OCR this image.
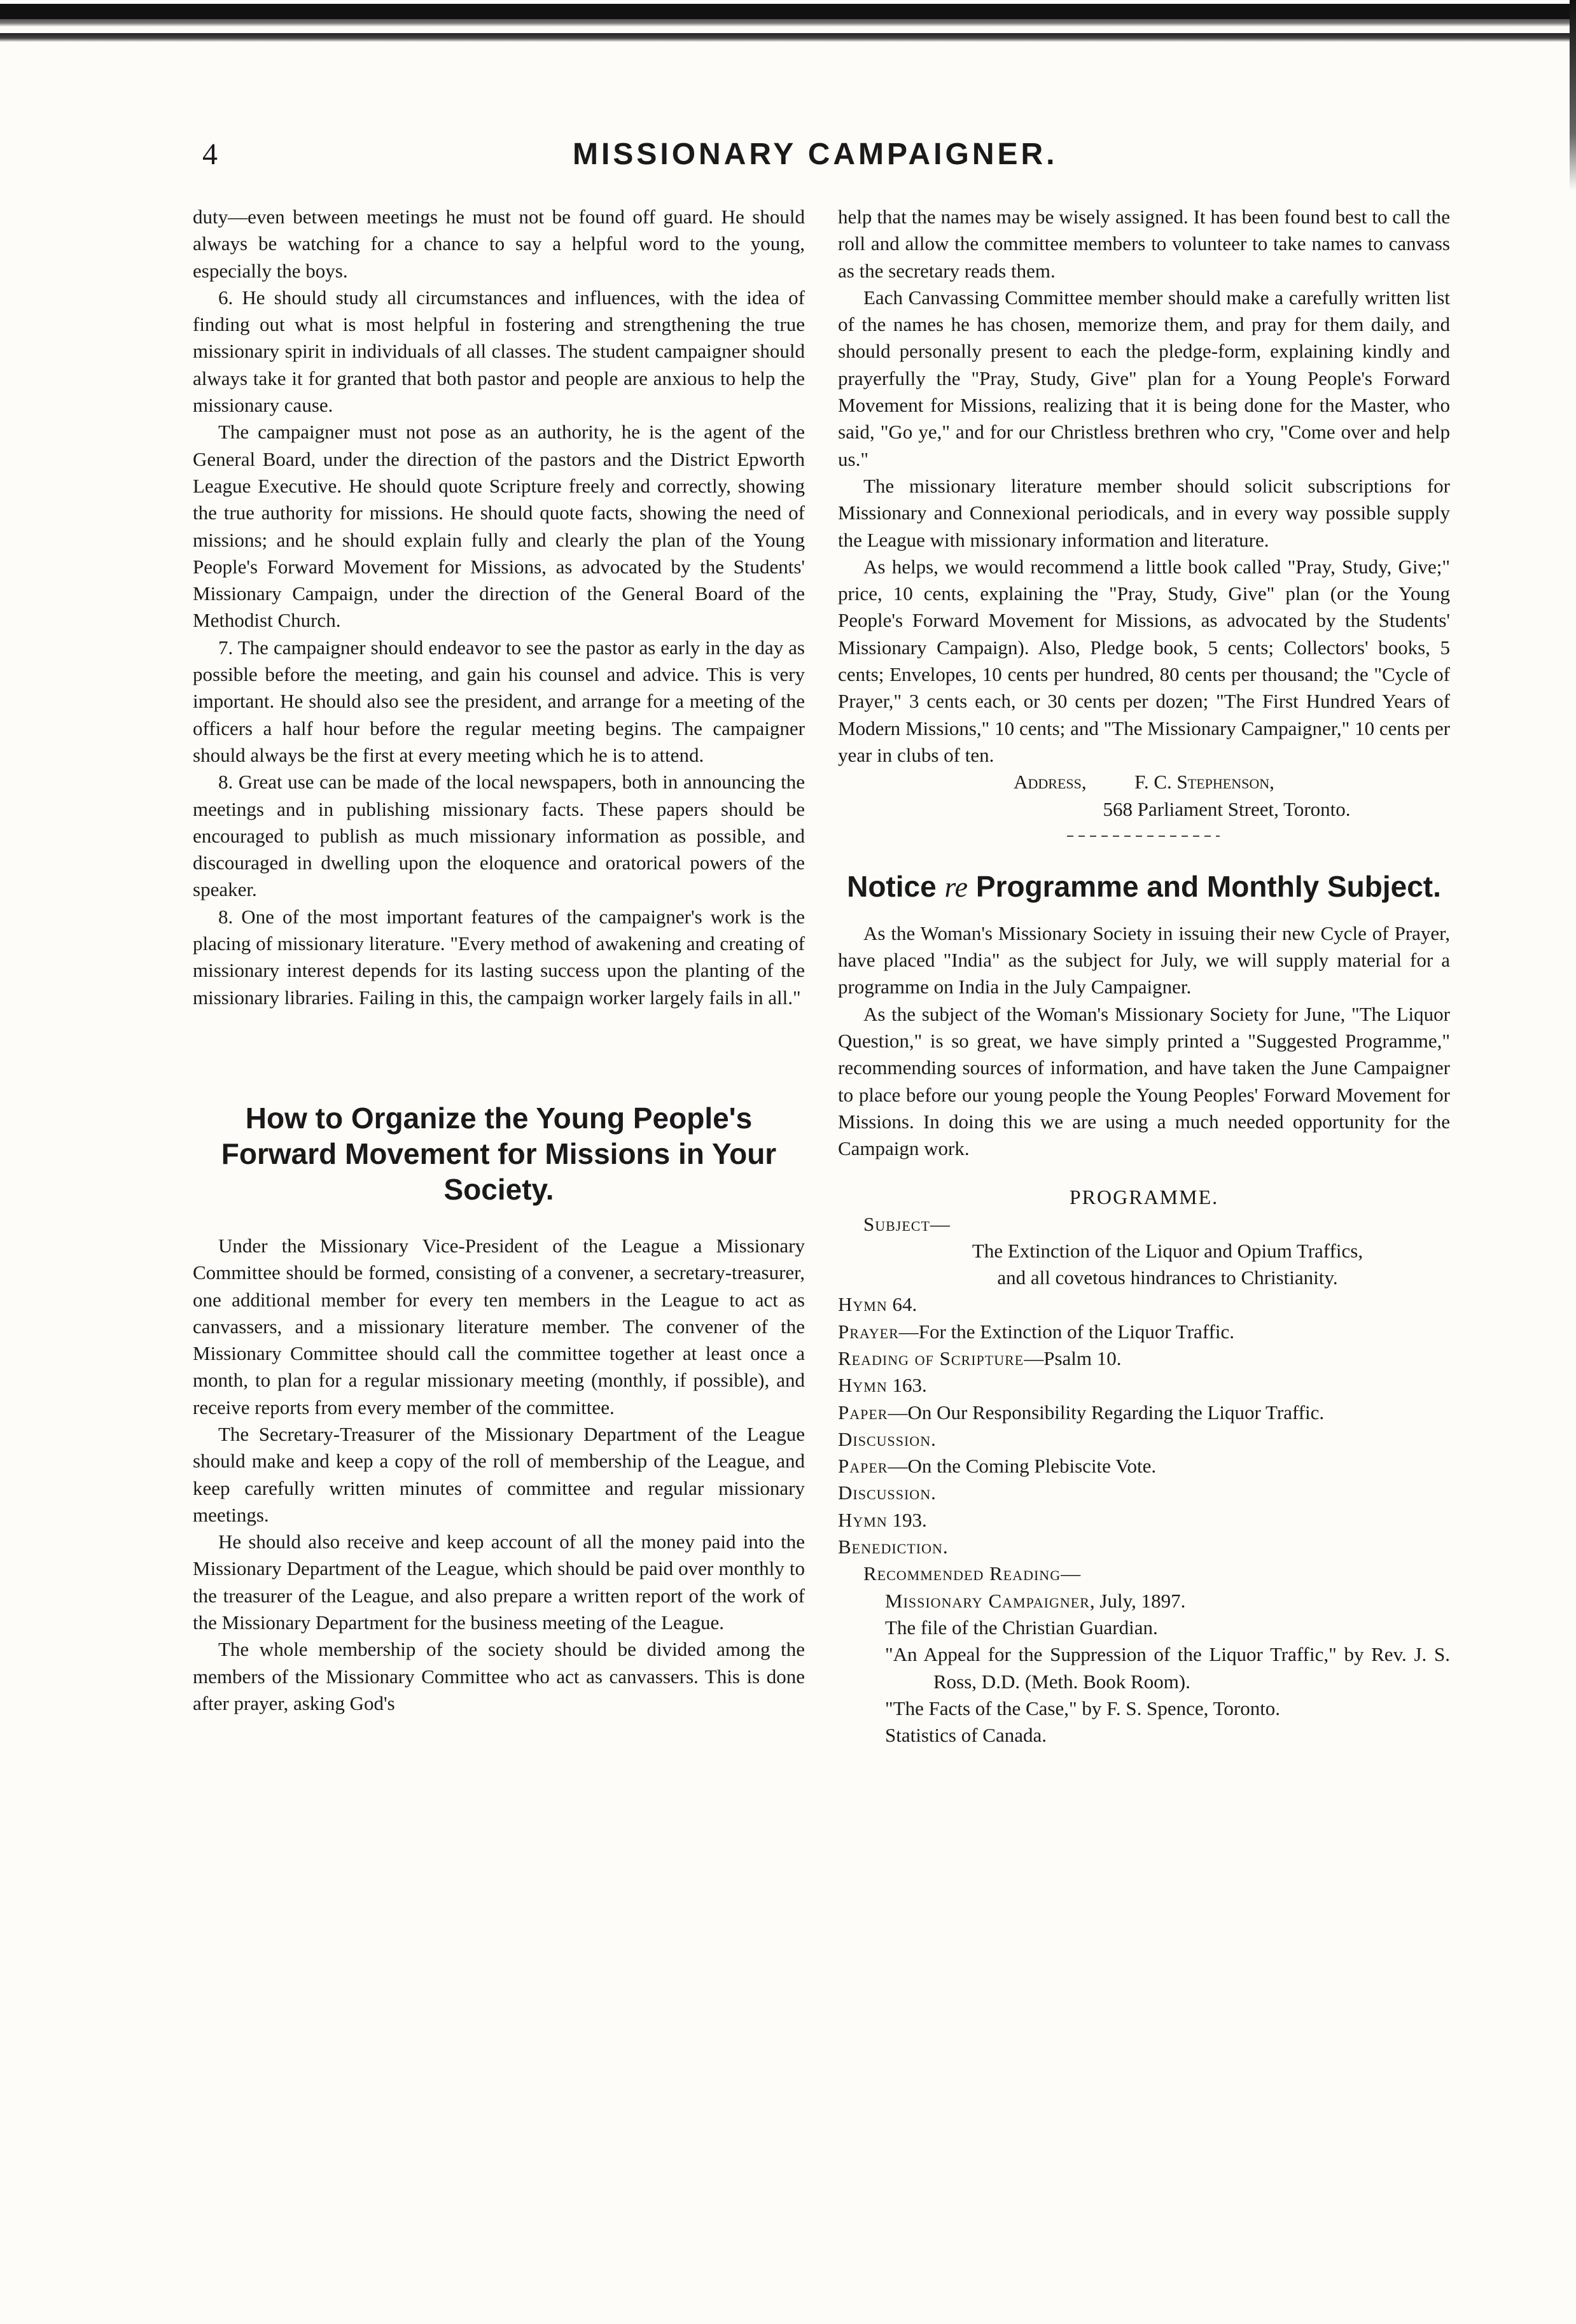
4	MISSIONARY CAMPAIGNER.

duty—even between meetings he must not be found off guard. He should always be watching for a chance to say a helpful word to the young, especially the boys.

6. He should study all circumstances and influences, with the idea of finding out what is most helpful in fostering and strengthening the true missionary spirit in individuals of all classes. The student campaigner should always take it for granted that both pastor and people are anxious to help the missionary cause.

The campaigner must not pose as an authority, he is the agent of the General Board, under the direction of the pastors and the District Epworth League Executive. He should quote Scripture freely and correctly, showing the true authority for missions. He should quote facts, showing the need of missions; and he should explain fully and clearly the plan of the Young People's Forward Movement for Missions, as advocated by the Students' Missionary Campaign, under the direction of the General Board of the Methodist Church.

7. The campaigner should endeavor to see the pastor as early in the day as possible before the meeting, and gain his counsel and advice. This is very important. He should also see the president, and arrange for a meeting of the officers a half hour before the regular meeting begins. The campaigner should always be the first at every meeting which he is to attend.

8. Great use can be made of the local newspapers, both in announcing the meetings and in publishing missionary facts. These papers should be encouraged to publish as much missionary information as possible, and discouraged in dwelling upon the eloquence and oratorical powers of the speaker.

8. One of the most important features of the campaigner's work is the placing of missionary literature. "Every method of awakening and creating of missionary interest depends for its lasting success upon the planting of the missionary libraries. Failing in this, the campaign worker largely fails in all."

How to Organize the Young People's Forward Movement for Missions in Your Society.

Under the Missionary Vice-President of the League a Missionary Committee should be formed, consisting of a convener, a secretary-treasurer, one additional member for every ten members in the League to act as canvassers, and a missionary literature member. The convener of the Missionary Committee should call the committee together at least once a month, to plan for a regular missionary meeting (monthly, if possible), and receive reports from every member of the committee.

The Secretary-Treasurer of the Missionary Department of the League should make and keep a copy of the roll of membership of the League, and keep carefully written minutes of committee and regular missionary meetings.

He should also receive and keep account of all the money paid into the Missionary Department of the League, which should be paid over monthly to the treasurer of the League, and also prepare a written report of the work of the Missionary Department for the business meeting of the League.

The whole membership of the society should be divided among the members of the Missionary Committee who act as canvassers. This is done after prayer, asking God's

help that the names may be wisely assigned. It has been found best to call the roll and allow the committee members to volunteer to take names to canvass as the secretary reads them.

Each Canvassing Committee member should make a carefully written list of the names he has chosen, memorize them, and pray for them daily, and should personally present to each the pledge-form, explaining kindly and prayerfully the "Pray, Study, Give" plan for a Young People's Forward Movement for Missions, realizing that it is being done for the Master, who said, "Go ye," and for our Christless brethren who cry, "Come over and help us."

The missionary literature member should solicit subscriptions for Missionary and Connexional periodicals, and in every way possible supply the League with missionary information and literature.

As helps, we would recommend a little book called "Pray, Study, Give;" price, 10 cents, explaining the "Pray, Study, Give" plan (or the Young People's Forward Movement for Missions, as advocated by the Students' Missionary Campaign). Also, Pledge book, 5 cents; Collectors' books, 5 cents; Envelopes, 10 cents per hundred, 80 cents per thousand; the "Cycle of Prayer," 3 cents each, or 30 cents per dozen; "The First Hundred Years of Modern Missions," 10 cents; and "The Missionary Campaigner," 10 cents per year in clubs of ten.

Address, F. C. Stephenson,

568 Parliament Street, Toronto.

Notice re Programme and Monthly Subject.

As the Woman's Missionary Society in issuing their new Cycle of Prayer, have placed "India" as the subject for July, we will supply material for a programme on India in the July Campaigner.

As the subject of the Woman's Missionary Society for June, "The Liquor Question," is so great, we have simply printed a "Suggested Programme," recommending sources of information, and have taken the June Campaigner to place before our young people the Young Peoples' Forward Movement for Missions. In doing this we are using a much needed opportunity for the Campaign work.

PROGRAMME.

Subject—

The Extinction of the Liquor and Opium Traffics,

and all covetous hindrances to Christianity.

Hymn 64.

Prayer—For the Extinction of the Liquor Traffic.

Reading of Scripture—Psalm 10.

Hymn 163.

Paper—On Our Responsibility Regarding the Liquor Traffic.

Discussion.

Paper—On the Coming Plebiscite Vote.

Discussion.

Hymn 193.

Benediction.

Recommended Reading—

Missionary Campaigner, July, 1897.

The file of the Christian Guardian.

"An Appeal for the Suppression of the Liquor Traffic," by Rev. J. S. Ross, D.D. (Meth. Book Room).

"The Facts of the Case," by F. S. Spence, Toronto.

Statistics of Canada.
